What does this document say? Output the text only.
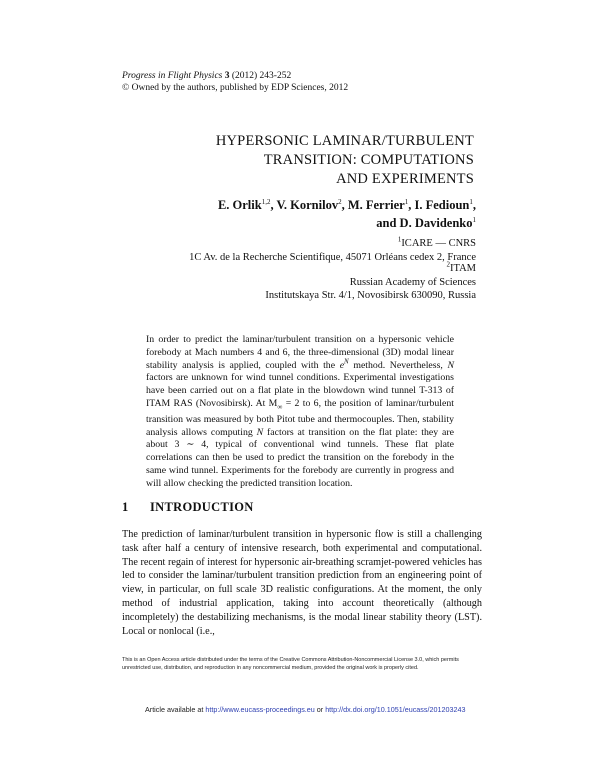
Progress in Flight Physics 3 (2012) 243-252
© Owned by the authors, published by EDP Sciences, 2012
HYPERSONIC LAMINAR/TURBULENT
TRANSITION: COMPUTATIONS
AND EXPERIMENTS
E. Orlik$^{1,2}$, V. Kornilov$^2$, M. Ferrier$^1$, I. Fedioun$^1$,
and D. Davidenko$^1$
$^1$ICARE — CNRS
1C Av. de la Recherche Scientifique, 45071 Orléans cedex 2, France
$^2$ITAM
Russian Academy of Sciences
Institutskaya Str. 4/1, Novosibirsk 630090, Russia
In order to predict the laminar/turbulent transition on a hypersonic vehicle forebody at Mach numbers 4 and 6, the three-dimensional (3D) modal linear stability analysis is applied, coupled with the $e^N$ method. Nevertheless, N factors are unknown for wind tunnel conditions. Experimental investigations have been carried out on a flat plate in the blowdown wind tunnel T-313 of ITAM RAS (Novosibirsk). At $M_\infty = 2$ to 6, the position of laminar/turbulent transition was measured by both Pitot tube and thermocouples. Then, stability analysis allows computing N factors at transition on the flat plate: they are about 3 ∼ 4, typical of conventional wind tunnels. These flat plate correlations can then be used to predict the transition on the forebody in the same wind tunnel. Experiments for the forebody are currently in progress and will allow checking the predicted transition location.
1 INTRODUCTION
The prediction of laminar/turbulent transition in hypersonic flow is still a challenging task after half a century of intensive research, both experimental and computational. The recent regain of interest for hypersonic air-breathing scramjet-powered vehicles has led to consider the laminar/turbulent transition prediction from an engineering point of view, in particular, on full scale 3D realistic configurations. At the moment, the only method of industrial application, taking into account theoretically (although incompletely) the destabilizing mechanisms, is the modal linear stability theory (LST). Local or nonlocal (i.e.,
This is an Open Access article distributed under the terms of the Creative Commons Attribution-Noncommercial License 3.0, which permits unrestricted use, distribution, and reproduction in any noncommercial medium, provided the original work is properly cited.
Article available at http://www.eucass-proceedings.eu or http://dx.doi.org/10.1051/eucass/201203243
